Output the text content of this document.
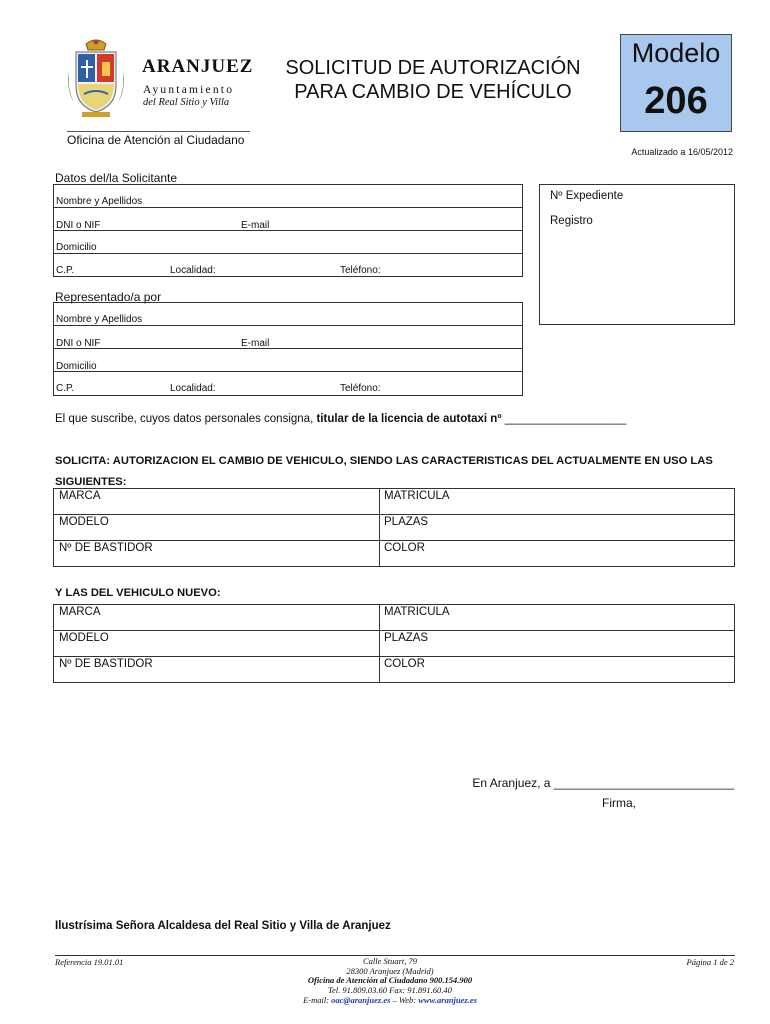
ARANJUEZ
Ayuntamiento
del Real Sitio y Villa
SOLICITUD DE AUTORIZACIÓN
PARA CAMBIO DE VEHÍCULO
Modelo
206
Oficina de Atención al Ciudadano
Actualizado a 16/05/2012
Datos del/la Solicitante
Nombre y Apellidos
DNI o NIF	E-mail
Domicilio
C.P.	Localidad:	Teléfono:
Nº Expediente
Registro
Representado/a por
Nombre y Apellidos
DNI o NIF	E-mail
Domicilio
C.P.	Localidad:	Teléfono:
El que suscribe, cuyos datos personales consigna, titular de la licencia de autotaxi nº ___________________
SOLICITA: AUTORIZACION EL CAMBIO DE VEHICULO, SIENDO LAS CARACTERISTICAS DEL ACTUALMENTE EN USO LAS SIGUIENTES:
MARCA	MATRICULA
MODELO	PLAZAS
Nº DE BASTIDOR	COLOR
Y LAS DEL VEHICULO NUEVO:
MARCA	MATRICULA
MODELO	PLAZAS
Nº DE BASTIDOR	COLOR
En Aranjuez, a ___________________________
Firma,
Ilustrísima Señora Alcaldesa del Real Sitio y Villa de Aranjuez
Referencia 19.01.01	Página 1 de 2
Calle Stuart, 79
28300 Aranjuez (Madrid)
Oficina de Atención al Ciudadano 900.154.900
Tel. 91.809.03.60 Fax: 91.891.60.40
E-mail: oac@aranjuez.es – Web: www.aranjuez.es
